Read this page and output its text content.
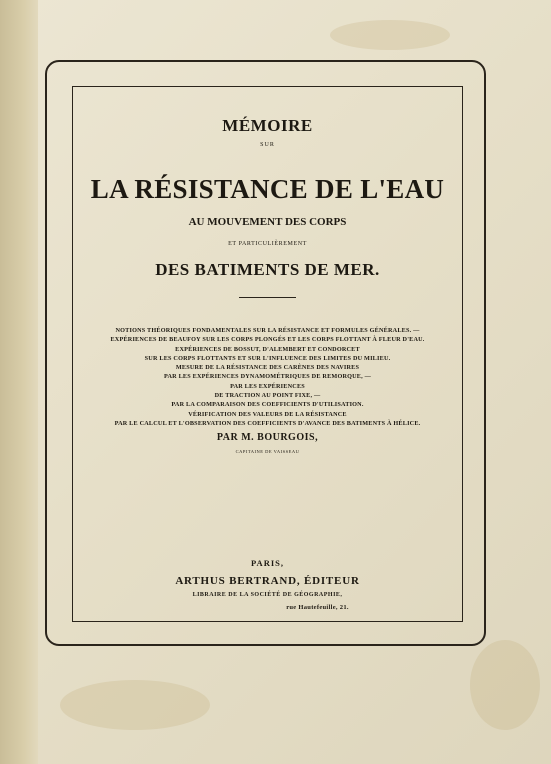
MÉMOIRE
SUR
LA RÉSISTANCE DE L'EAU
AU MOUVEMENT DES CORPS
ET PARTICULIÈREMENT
DES BATIMENTS DE MER.
NOTIONS THÉORIQUES FONDAMENTALES SUR LA RÉSISTANCE ET FORMULES GÉNÉRALES. —
EXPÉRIENCES DE BEAUFOY SUR LES CORPS PLONGÉS ET LES CORPS FLOTTANT À FLEUR D'EAU.
EXPÉRIENCES DE BOSSUT, D'ALEMBERT ET CONDORCET
SUR LES CORPS FLOTTANTS ET SUR L'INFLUENCE DES LIMITES DU MILIEU.
MESURE DE LA RÉSISTANCE DES CARÈNES DES NAVIRES
PAR LES EXPÉRIENCES DYNAMOMÉTRIQUES DE REMORQUE, —
PAR LES EXPÉRIENCES
DE TRACTION AU POINT FIXE, —
PAR LA COMPARAISON DES COEFFICIENTS D'UTILISATION.
VÉRIFICATION DES VALEURS DE LA RÉSISTANCE
PAR LE CALCUL ET L'OBSERVATION DES COEFFICIENTS D'AVANCE DES BATIMENTS À HÉLICE.
PAR M. BOURGOIS,
CAPITAINE DE VAISSEAU
PARIS,
ARTHUS BERTRAND, ÉDITEUR
LIBRAIRE DE LA SOCIÉTÉ DE GÉOGRAPHIE,
rue Hautefeuille, 21.
